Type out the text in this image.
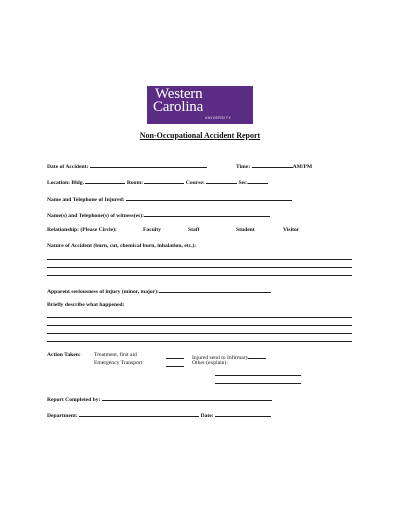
Western
Carolina
UNIVERSITY
Non-Occupational Accident Report
Date of Accident:	Time:	AM/PM
Location: Bldg.	Room:	Course:	Sec.
Name and Telephone of Injured:
Name(s) and Telephone(s) of witness(es):
Relationship: (Please Circle):	Faculty	Staff	Student	Visitor
Nature of Accident (burn, cut, chemical burn, inhalation, etc.):
Apparent seriousness of injury (minor, major):
Briefly describe what happened:
Action Taken: Treatment, first aid
Emergency Transport
Injured send to Infirmary
Other (explain):
Report Completed by:
Department:	Date:
